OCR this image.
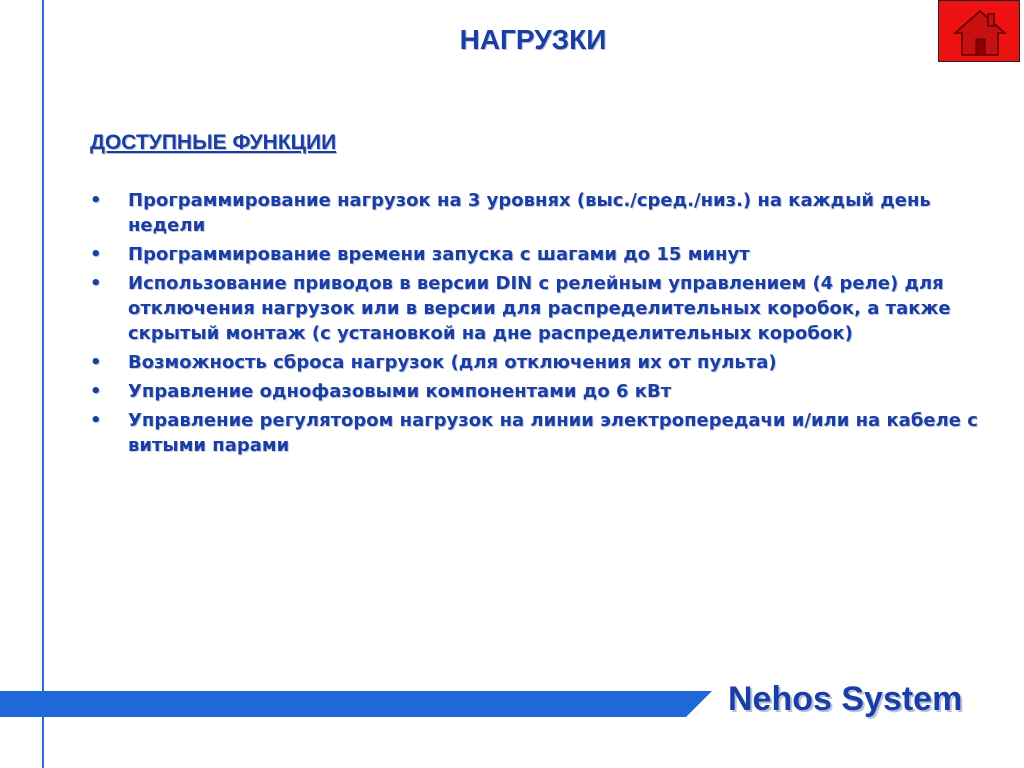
НАГРУЗКИ
ДОСТУПНЫЕ ФУНКЦИИ
• Программирование нагрузок на 3 уровнях (выс./сред./низ.) на каждый день недели
• Программирование времени запуска с шагами до 15 минут
• Использование приводов в версии DIN с релейным управлением (4 реле) для отключения нагрузок или в версии для распределительных коробок, а также скрытый монтаж (с установкой на дне распределительных коробок)
• Возможность сброса нагрузок (для отключения их от пульта)
• Управление однофазовыми компонентами до 6 кВт
• Управление регулятором нагрузок на линии электропередачи и/или на кабеле с витыми парами
Nehos System
